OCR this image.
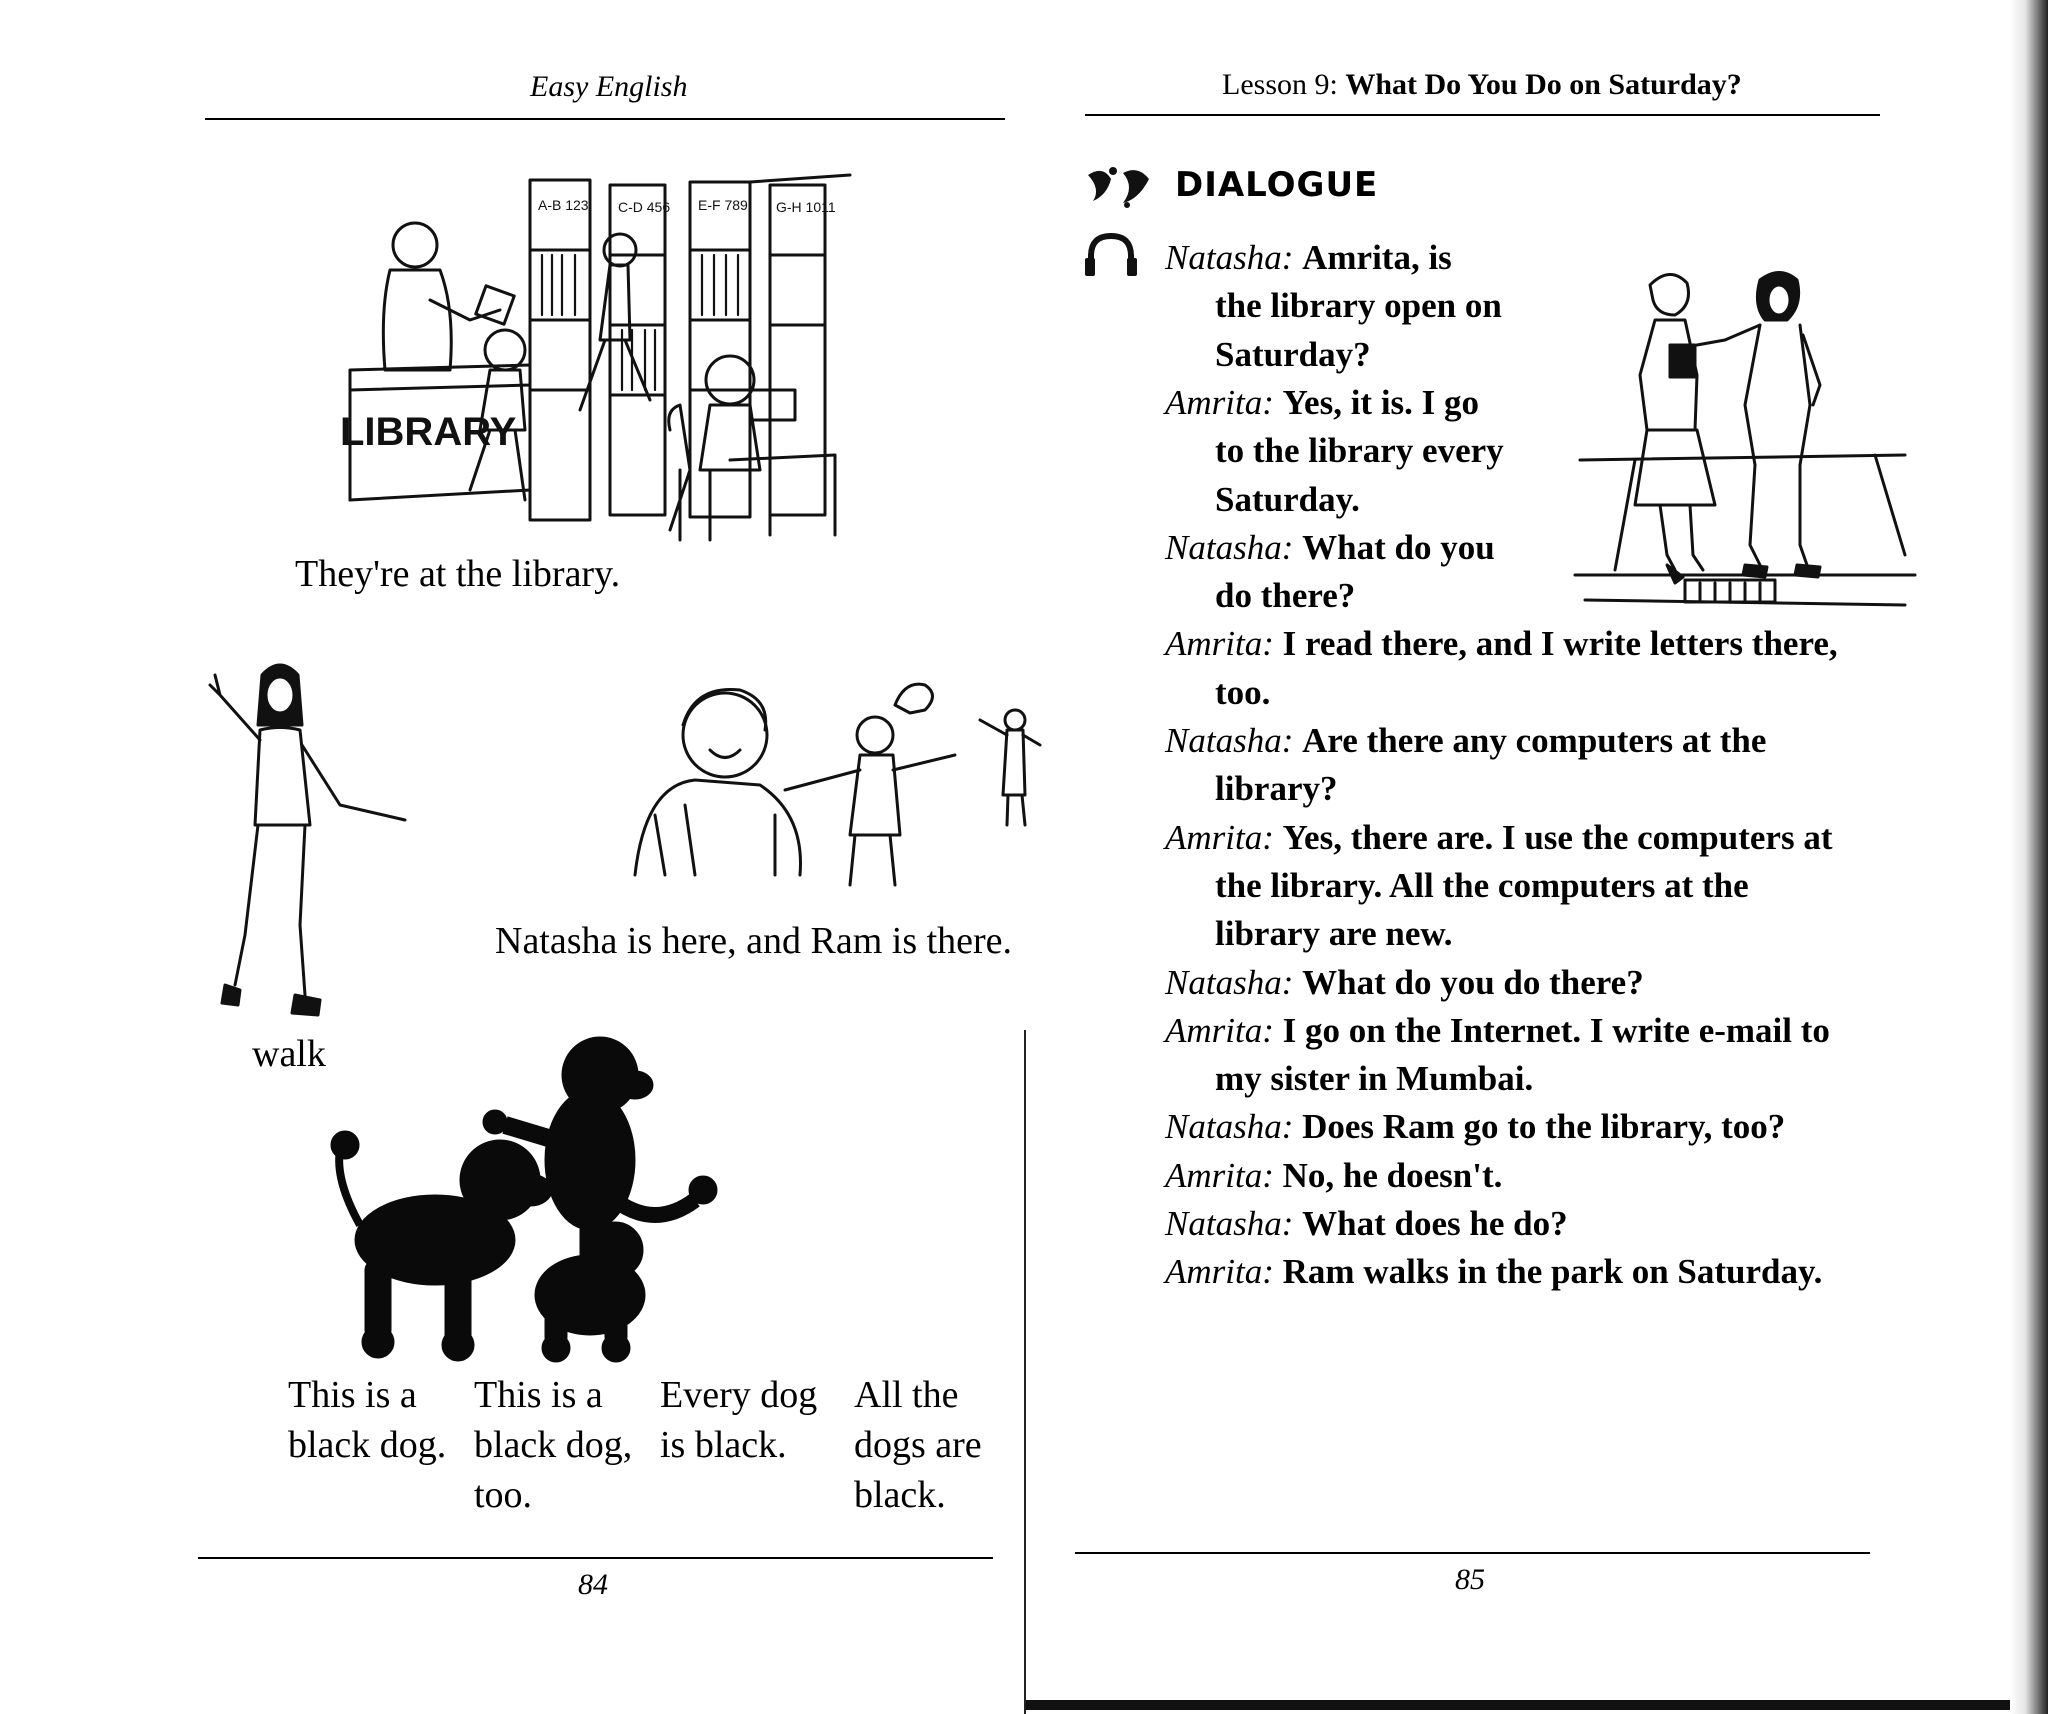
Easy English
A-B 123 C-D 456 E-F 789 G-H 1011
LIBRARY
They're at the library.
walk
Natasha is here, and Ram is there.
This is a
black dog.
This is a
black dog,
too.
Every dog
is black.
All the
dogs are
black.
84
Lesson 9: What Do You Do on Saturday?
DIALOGUE
Natasha: Amrita, is
the library open on
Saturday?
Amrita: Yes, it is. I go
to the library every
Saturday.
Natasha: What do you
do there?
Amrita: I read there, and I write letters there,
too.
Natasha: Are there any computers at the
library?
Amrita: Yes, there are. I use the computers at
the library. All the computers at the
library are new.
Natasha: What do you do there?
Amrita: I go on the Internet. I write e-mail to
my sister in Mumbai.
Natasha: Does Ram go to the library, too?
Amrita: No, he doesn't.
Natasha: What does he do?
Amrita: Ram walks in the park on Saturday.
85
